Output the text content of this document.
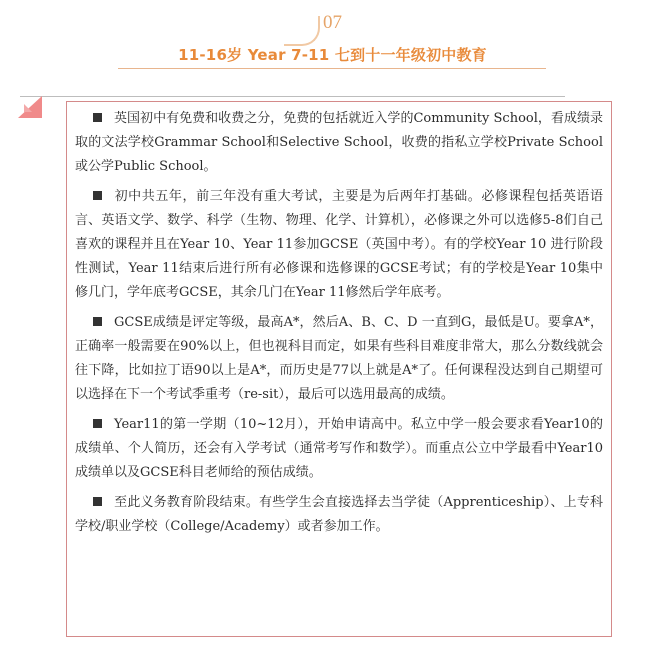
07
11-16岁 Year 7-11 七到十一年级初中教育

英国初中有免费和收费之分，免费的包括就近入学的Community School，看成绩录取的文法学校Grammar School和Selective School，收费的指私立学校Private School或公学Public School。

初中共五年，前三年没有重大考试，主要是为后两年打基础。必修课程包括英语语言、英语文学、数学、科学（生物、物理、化学、计算机），必修课之外可以选修5-8们自己喜欢的课程并且在Year 10、Year 11参加GCSE（英国中考）。有的学校Year 10 进行阶段性测试，Year 11结束后进行所有必修课和选修课的GCSE考试；有的学校是Year 10集中修几门，学年底考GCSE，其余几门在Year 11修然后学年底考。

GCSE成绩是评定等级，最高A*，然后A、B、C、D 一直到G，最低是U。要拿A*，正确率一般需要在90%以上，但也视科目而定，如果有些科目难度非常大，那么分数线就会往下降，比如拉丁语90以上是A*，而历史是77以上就是A*了。任何课程没达到自己期望可以选择在下一个考试季重考（re-sit），最后可以选用最高的成绩。

Year11的第一学期（10~12月），开始申请高中。私立中学一般会要求看Year10的成绩单、个人简历，还会有入学考试（通常考写作和数学）。而重点公立中学最看中Year10成绩单以及GCSE科目老师给的预估成绩。

至此义务教育阶段结束。有些学生会直接选择去当学徒（Apprenticeship）、上专科学校/职业学校（College/Academy）或者参加工作。
